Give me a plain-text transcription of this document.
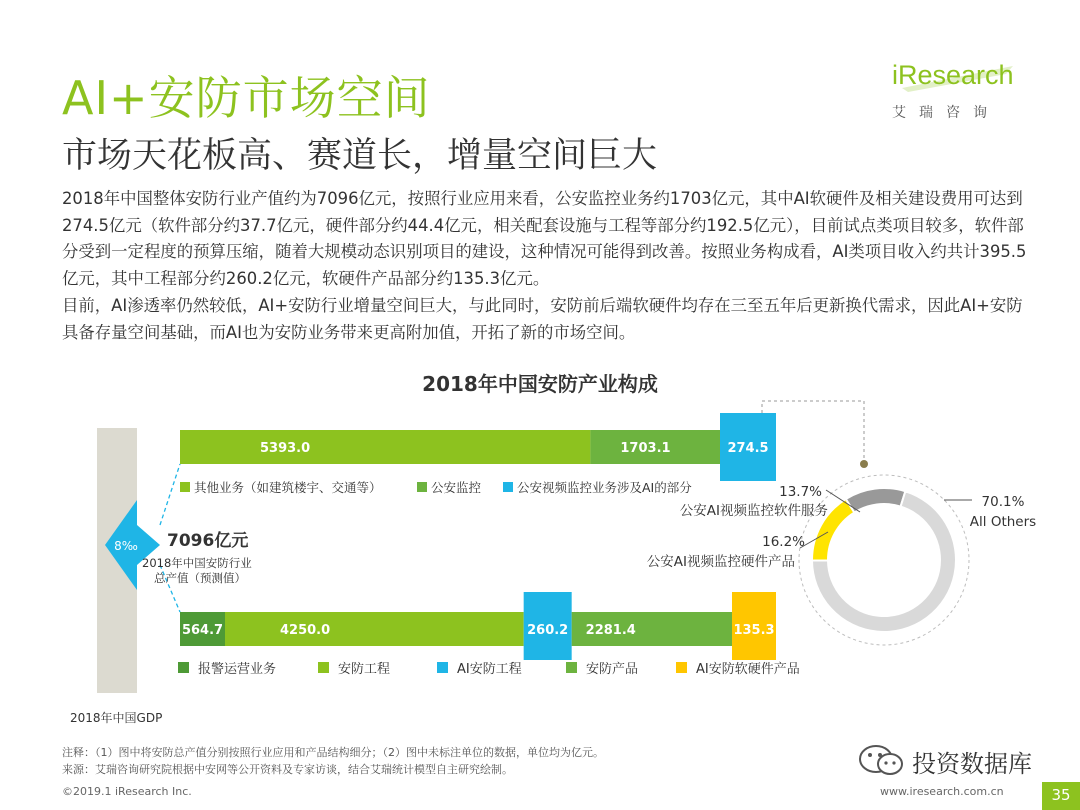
AI+安防市场空间
市场天花板高、赛道长，增量空间巨大
iResearch
艾瑞咨询

2018年中国整体安防行业产值约为7096亿元，按照行业应用来看，公安监控业务约1703亿元，其中AI软硬件及相关建设费用可达到274.5亿元（软件部分约37.7亿元，硬件部分约44.4亿元，相关配套设施与工程等部分约192.5亿元），目前试点类项目较多，软件部分受到一定程度的预算压缩，随着大规模动态识别项目的建设，这种情况可能得到改善。按照业务构成看，AI类项目收入约共计395.5亿元，其中工程部分约260.2亿元，软硬件产品部分约135.3亿元。

目前，AI渗透率仍然较低，AI+安防行业增量空间巨大，与此同时，安防前后端软硬件均存在三至五年后更新换代需求，因此AI+安防具备存量空间基础，而AI也为安防业务带来更高附加值，开拓了新的市场空间。

2018年中国安防产业构成
5393.0	1703.1	274.5
其他业务（如建筑楼宇、交通等）	公安监控	公安视频监控业务涉及AI的部分
564.7	4250.0	260.2 2281.4	135.3
报警运营业务	安防工程	AI安防工程	安防产品	AI安防软硬件产品
13.7%
公安AI视频监控软件服务
16.2%
公安AI视频监控硬件产品
70.1%
All Others
8‰ 7096亿元
2018年中国安防行业
总产值（预测值）
2018年中国GDP
注释：（1）图中将安防总产值分别按照行业应用和产品结构细分；（2）图中未标注单位的数据，单位均为亿元。
来源：艾瑞咨询研究院根据中安网等公开资料及专家访谈，结合艾瑞统计模型自主研究绘制。	投资数据库
©2019.1 iResearch Inc.	www.iresearch.com.cn	35
